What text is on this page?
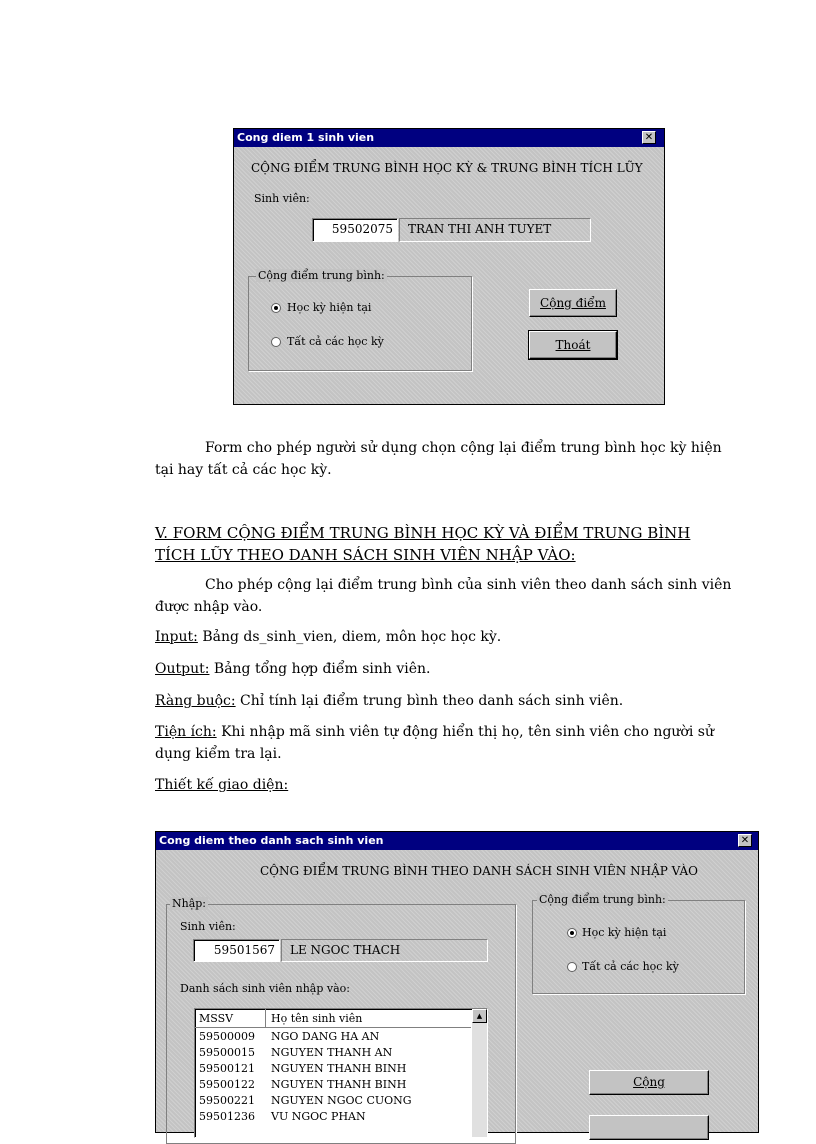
Cong diem 1 sinh vien	✕
CỘNG ĐIỂM TRUNG BÌNH HỌC KỲ & TRUNG BÌNH TÍCH LŨY
Sinh viên:
59502075	TRAN THI ANH TUYET
Cộng điểm trung bình:
Học kỳ hiện tại
Tất cả các học kỳ
Cộng điểm
Thoát
Form cho phép người sử dụng chọn cộng lại điểm trung bình học kỳ hiện
tại hay tất cả các học kỳ.
V. FORM CỘNG ĐIỂM TRUNG BÌNH HỌC KỲ VÀ ĐIỂM TRUNG BÌNH
TÍCH LŨY THEO DANH SÁCH SINH VIÊN NHẬP VÀO:
Cho phép cộng lại điểm trung bình của sinh viên theo danh sách sinh viên
được nhập vào.
Input: Bảng ds_sinh_vien, diem, môn học học kỳ.
Output: Bảng tổng hợp điểm sinh viên.
Ràng buộc: Chỉ tính lại điểm trung bình theo danh sách sinh viên.
Tiện ích: Khi nhập mã sinh viên tự động hiển thị họ, tên sinh viên cho người sử
dụng kiểm tra lại.
Thiết kế giao diện:
Cong diem theo danh sach sinh vien	✕
CỘNG ĐIỂM TRUNG BÌNH THEO DANH SÁCH SINH VIÊN NHẬP VÀO
Nhập:
Sinh viên:
59501567	LE NGOC THACH
Danh sách sinh viên nhập vào:
MSSV	Họ tên sinh viên
59500009 NGO DANG HA AN
59500015 NGUYEN THANH AN
59500121 NGUYEN THANH BINH
59500122 NGUYEN THANH BINH
59500221 NGUYEN NGOC CUONG
59501236 VU NGOC PHAN
▲
Cộng điểm trung bình:
Học kỳ hiện tại
Tất cả các học kỳ
Cộng
